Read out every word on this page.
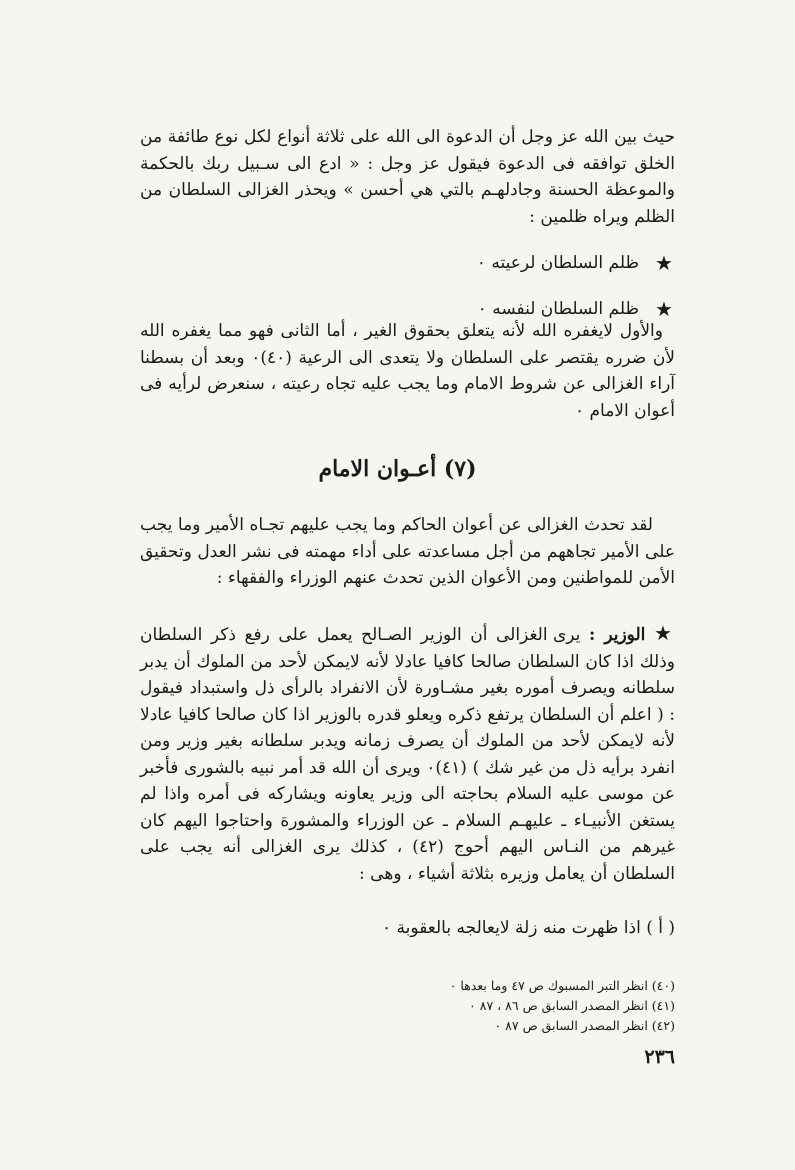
حيث بين الله عز وجل أن الدعوة الى الله على ثلاثة أنواع لكل نوع طائفة من الخلق توافقه فى الدعوة فيقول عز وجل : « ادع الى سـبيل ربك بالحكمة والموعظة الحسنة وجادلهـم بالتي هي أحسن » ويحذر الغزالى السلطان من الظلم ويراه ظلمين :

★
ظلم السلطان لرعيته ٠
★
ظلم السلطان لنفسه ٠

والأول لايغفره الله لأنه يتعلق بحقوق الغير ، أما الثانى فهو مما يغفره الله لأن ضرره يقتصر على السلطان ولا يتعدى الى الرعية (٤٠)٠ وبعد أن بسطنا آراء الغزالى عن شروط الامام وما يجب عليه تجاه رعيته ، سنعرض لرأيه فى أعوان الامام ٠

(٧) أعـوان الامام

لقد تحدث الغزالى عن أعوان الحاكم وما يجب عليهم تجـاه الأمير وما يجب على الأمير تجاههم من أجل مساعدته على أداء مهمته فى نشر العدل وتحقيق الأمن للمواطنين ومن الأعوان الذين تحدث عنهم الوزراء والفقهاء :

★ الوزير : يرى الغزالى أن الوزير الصـالح يعمل على رفع ذكر السلطان وذلك اذا كان السلطان صالحا كافيا عادلا لأنه لايمكن لأحد من الملوك أن يدبر سلطانه ويصرف أموره بغير مشـاورة لأن الانفراد بالرأى ذل واستبداد فيقول : ( اعلم أن السلطان يرتفع ذكره ويعلو قدره بالوزير اذا كان صالحا كافيا عادلا لأنه لايمكن لأحد من الملوك أن يصرف زمانه ويدبر سلطانه بغير وزير ومن انفرد برأيه ذل من غير شك ) (٤١)٠ ويرى أن الله قد أمر نبيه بالشورى فأخبر عن موسى عليه السلام بحاجته الى وزير يعاونه ويشاركه فى أمره واذا لم يستغن الأنبيـاء ـ عليهـم السلام ـ عن الوزراء والمشورة واحتاجوا اليهم كان غيرهم من النـاس اليهم أحوج (٤٢) ، كذلك يرى الغزالى أنه يجب على السلطان أن يعامل وزيره بثلاثة أشياء ، وهى :

( أ ) اذا ظهرت منه زلة لايعالجه بالعقوبة ٠
(٤٠) انظر التبر المسبوك ص ٤٧ وما بعدها ٠
(٤١) انظر المصدر السابق ص ٨٦ ، ٨٧ ٠
(٤٢) انظر المصدر السابق ص ٨٧ ٠
٢٣٦
